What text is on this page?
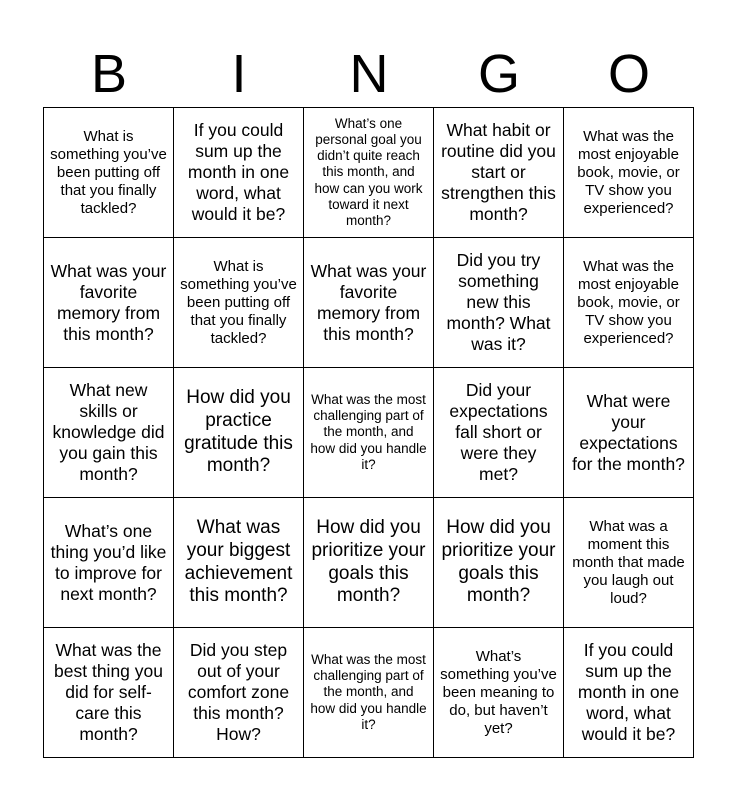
B	I	N	G	O
What is something you’ve been putting off that you finally tackled?	If you could sum up the month in one word, what would it be?	What’s one personal goal you didn’t quite reach this month, and how can you work toward it next month?	What habit or routine did you start or strengthen this month?	What was the most enjoyable book, movie, or TV show you experienced?
What was your favorite memory from this month?	What is something you’ve been putting off that you finally tackled?	What was your favorite memory from this month?	Did you try something new this month? What was it?	What was the most enjoyable book, movie, or TV show you experienced?
What new skills or knowledge did you gain this month?	How did you practice gratitude this month?	What was the most challenging part of the month, and how did you handle it?	Did your expectations fall short or were they met?	What were your expectations for the month?
What’s one thing you’d like to improve for next month?	What was your biggest achievement this month?	How did you prioritize your goals this month?	How did you prioritize your goals this month?	What was a moment this month that made you laugh out loud?
What was the best thing you did for self-care this month?	Did you step out of your comfort zone this month? How?	What was the most challenging part of the month, and how did you handle it?	What’s something you’ve been meaning to do, but haven’t yet?	If you could sum up the month in one word, what would it be?
